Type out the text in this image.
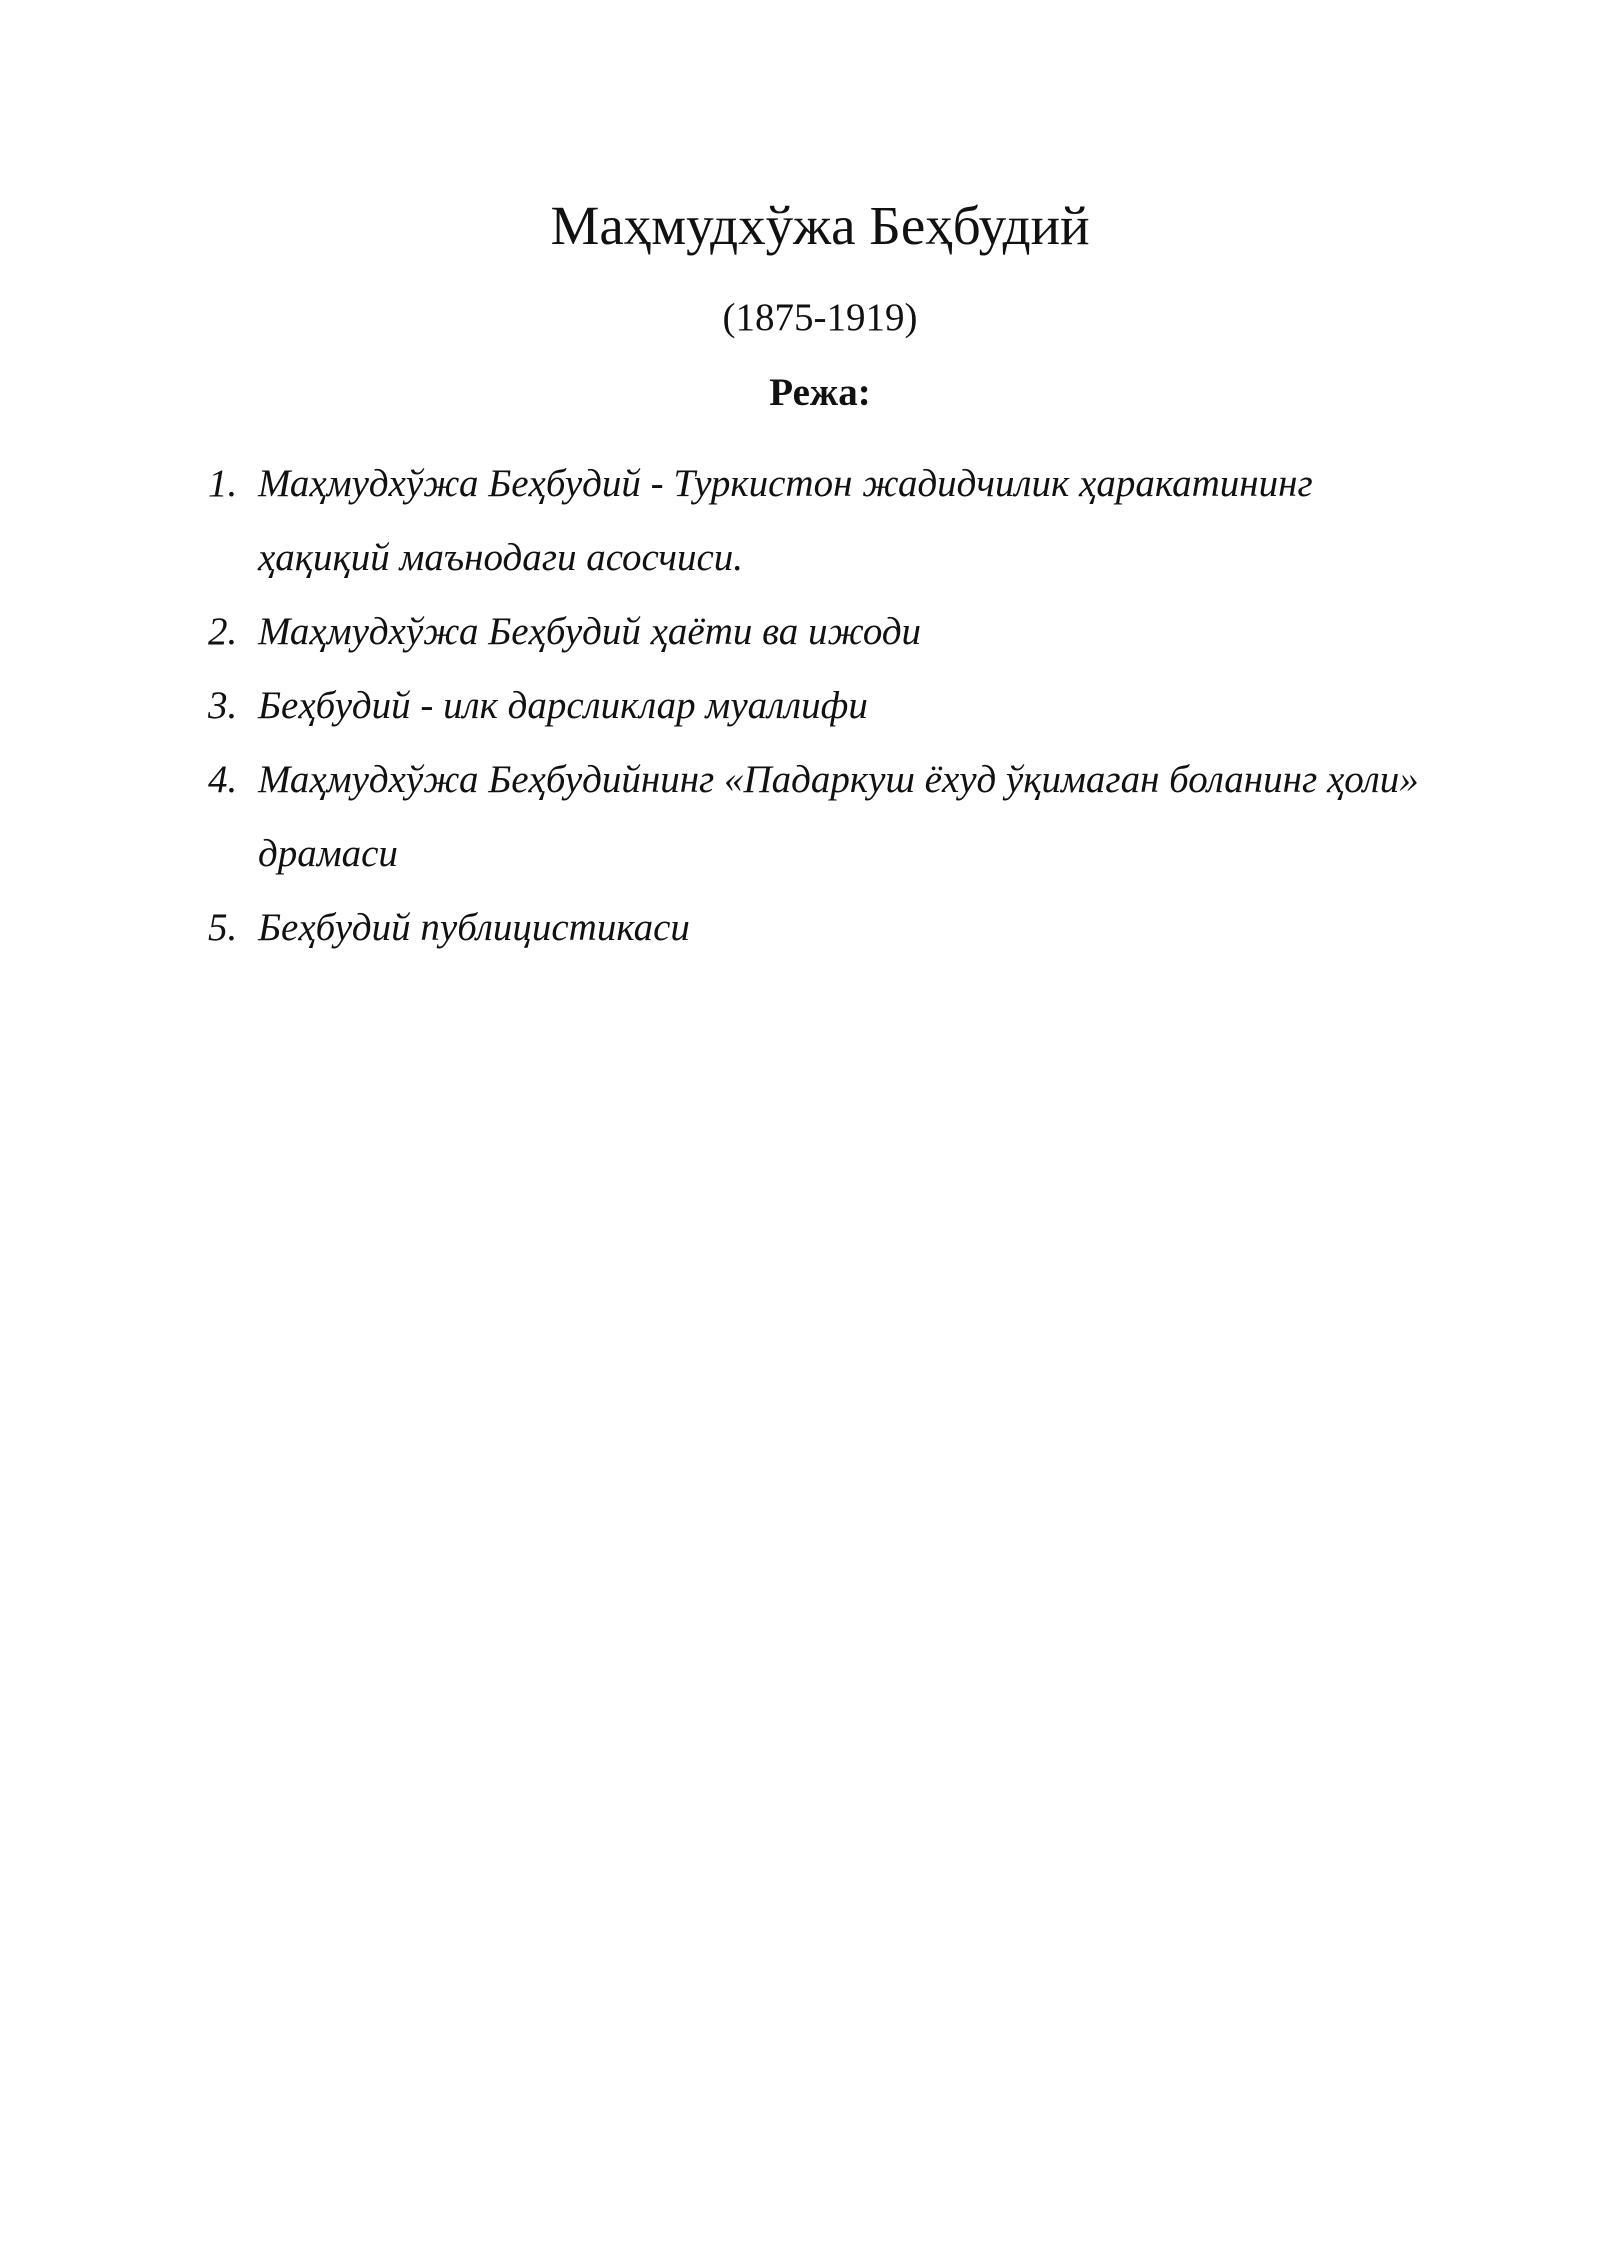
Маҳмудхўжа Беҳбудий

(1875-1919)

Режа:

1. Маҳмудхўжа Беҳбудий - Туркистон жадидчилик ҳаракатининг ҳақиқий маънодаги асосчиси.
2. Маҳмудхўжа Беҳбудий ҳаёти ва ижоди
3. Беҳбудий - илк дарсликлар муаллифи
4. Маҳмудхўжа Беҳбудийнинг «Падаркуш ёхуд ўқимаган боланинг ҳоли» драмаси
5. Беҳбудий публицистикаси
